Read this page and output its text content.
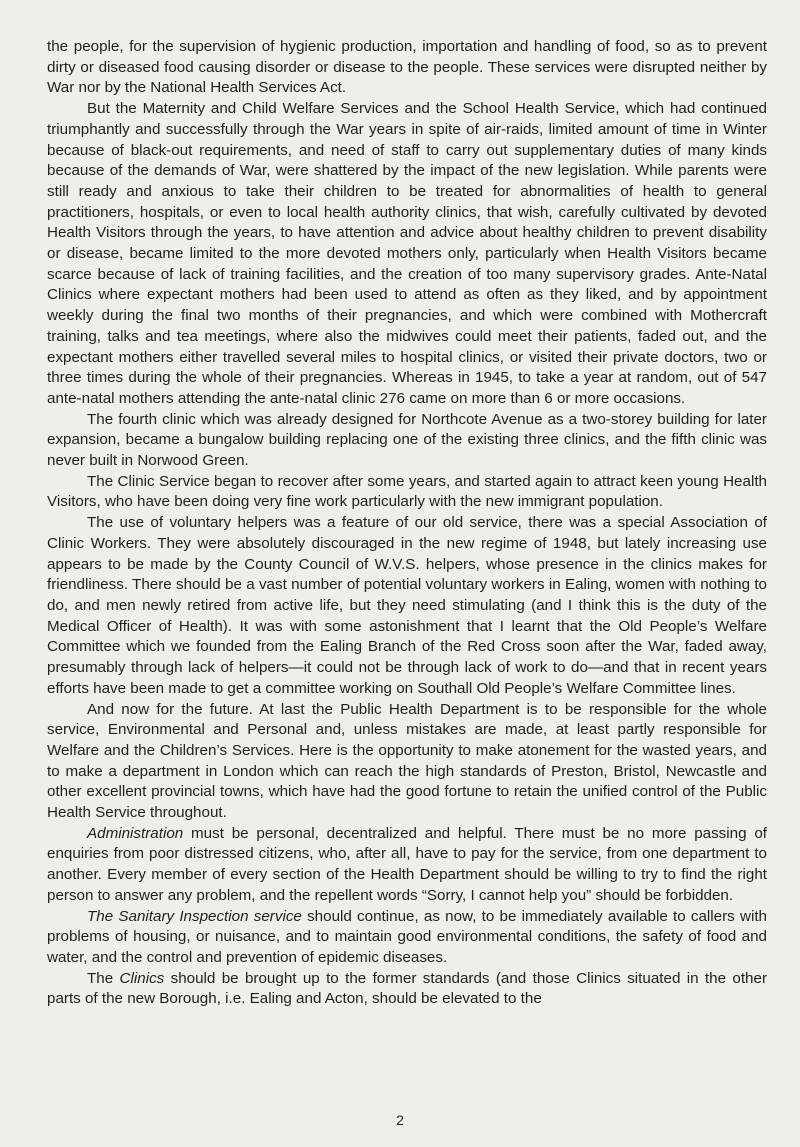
the people, for the supervision of hygienic production, importation and handling of food, so as to prevent dirty or diseased food causing disorder or disease to the people. These services were disrupted neither by War nor by the National Health Services Act.

But the Maternity and Child Welfare Services and the School Health Service, which had continued triumphantly and successfully through the War years in spite of air-raids, limited amount of time in Winter because of black-out requirements, and need of staff to carry out supplementary duties of many kinds because of the demands of War, were shattered by the impact of the new legislation. While parents were still ready and anxious to take their children to be treated for abnormalities of health to general practitioners, hospitals, or even to local health authority clinics, that wish, carefully cultivated by devoted Health Visitors through the years, to have attention and advice about healthy children to prevent disability or disease, became limited to the more devoted mothers only, particularly when Health Visitors became scarce because of lack of training facilities, and the creation of too many supervisory grades. Ante-Natal Clinics where expectant mothers had been used to attend as often as they liked, and by appointment weekly during the final two months of their pregnancies, and which were combined with Mothercraft training, talks and tea meetings, where also the midwives could meet their patients, faded out, and the expectant mothers either travelled several miles to hospital clinics, or visited their private doctors, two or three times during the whole of their pregnancies. Whereas in 1945, to take a year at random, out of 547 ante-natal mothers attending the ante-natal clinic 276 came on more than 6 or more occasions.

The fourth clinic which was already designed for Northcote Avenue as a two-storey building for later expansion, became a bungalow building replacing one of the existing three clinics, and the fifth clinic was never built in Norwood Green.

The Clinic Service began to recover after some years, and started again to attract keen young Health Visitors, who have been doing very fine work particularly with the new immigrant population.

The use of voluntary helpers was a feature of our old service, there was a special Association of Clinic Workers. They were absolutely discouraged in the new regime of 1948, but lately increasing use appears to be made by the County Council of W.V.S. helpers, whose presence in the clinics makes for friendliness. There should be a vast number of potential voluntary workers in Ealing, women with nothing to do, and men newly retired from active life, but they need stimulating (and I think this is the duty of the Medical Officer of Health). It was with some astonishment that I learnt that the Old People’s Welfare Committee which we founded from the Ealing Branch of the Red Cross soon after the War, faded away, presumably through lack of helpers—it could not be through lack of work to do—and that in recent years efforts have been made to get a committee working on Southall Old People’s Welfare Committee lines.

And now for the future. At last the Public Health Department is to be responsible for the whole service, Environmental and Personal and, unless mistakes are made, at least partly responsible for Welfare and the Children’s Services. Here is the opportunity to make atonement for the wasted years, and to make a department in London which can reach the high standards of Preston, Bristol, Newcastle and other excellent provincial towns, which have had the good fortune to retain the unified control of the Public Health Service throughout.

Administration must be personal, decentralized and helpful. There must be no more passing of enquiries from poor distressed citizens, who, after all, have to pay for the service, from one department to another. Every member of every section of the Health Department should be willing to try to find the right person to answer any problem, and the repellent words “Sorry, I cannot help you” should be forbidden.

The Sanitary Inspection service should continue, as now, to be immediately available to callers with problems of housing, or nuisance, and to maintain good environmental conditions, the safety of food and water, and the control and prevention of epidemic diseases.

The Clinics should be brought up to the former standards (and those Clinics situated in the other parts of the new Borough, i.e. Ealing and Acton, should be elevated to the

2
